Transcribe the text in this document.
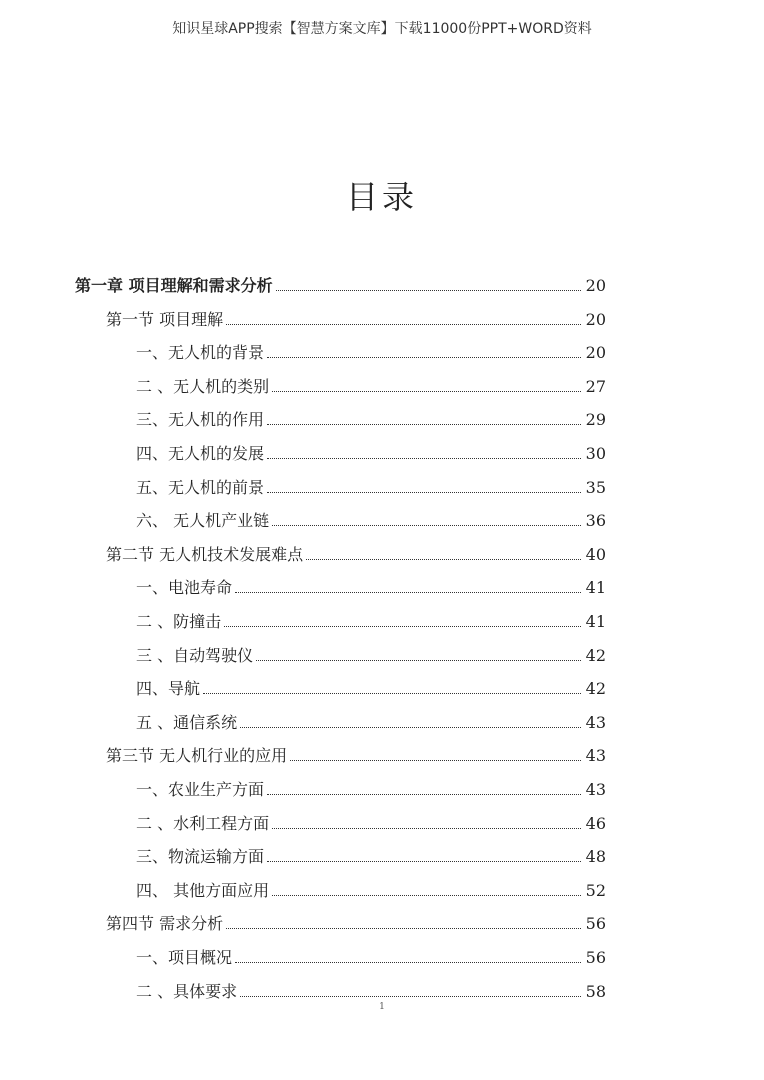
知识星球APP搜索【智慧方案文库】下载11000份PPT+WORD资料
目录
第一章 项目理解和需求分析	20
第一节 项目理解	20
一、无人机的背景	20
二 、无人机的类别	27
三、无人机的作用	29
四、无人机的发展	30
五、无人机的前景	35
六、 无人机产业链	36
第二节 无人机技术发展难点	40
一、电池寿命	41
二 、防撞击	41
三 、自动驾驶仪	42
四、导航	42
五 、通信系统	43
第三节 无人机行业的应用	43
一、农业生产方面	43
二 、水利工程方面	46
三、物流运输方面	48
四、 其他方面应用	52
第四节 需求分析	56
一、项目概况	56
二 、具体要求	58
1
